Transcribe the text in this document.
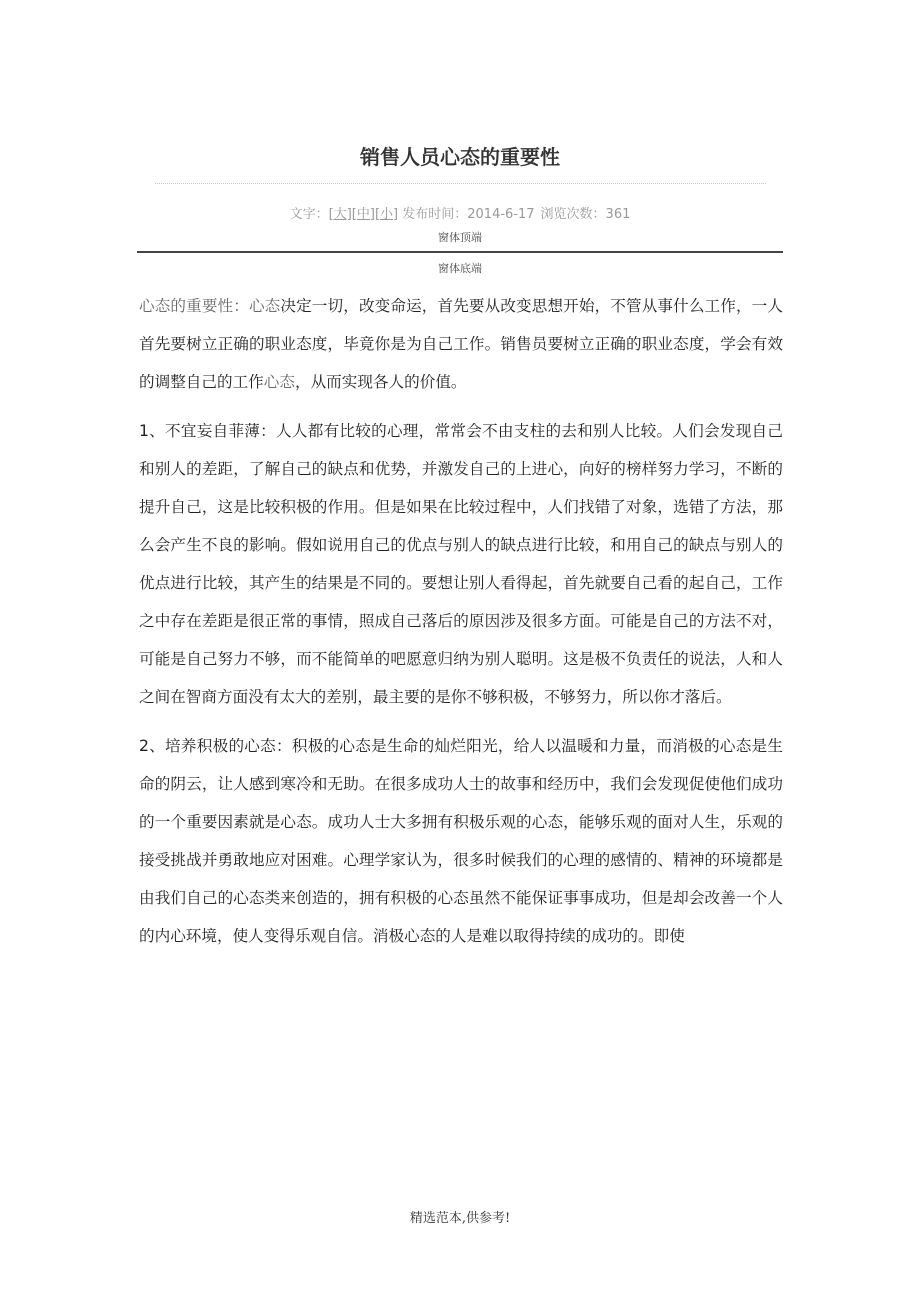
销售人员心态的重要性
文字：[大][中][小] 发布时间：2014-6-17 浏览次数：361
窗体顶端
窗体底端

心态的重要性：心态决定一切，改变命运，首先要从改变思想开始，不管从事什么工作，一人首先要树立正确的职业态度，毕竟你是为自己工作。销售员要树立正确的职业态度，学会有效的调整自己的工作心态，从而实现各人的价值。

1、不宜妄自菲薄：人人都有比较的心理，常常会不由支柱的去和别人比较。人们会发现自己和别人的差距，了解自己的缺点和优势，并激发自己的上进心，向好的榜样努力学习，不断的提升自己，这是比较积极的作用。但是如果在比较过程中，人们找错了对象，选错了方法，那么会产生不良的影响。假如说用自己的优点与别人的缺点进行比较，和用自己的缺点与别人的优点进行比较，其产生的结果是不同的。要想让别人看得起，首先就要自己看的起自己，工作之中存在差距是很正常的事情，照成自己落后的原因涉及很多方面。可能是自己的方法不对，可能是自己努力不够，而不能简单的吧愿意归纳为别人聪明。这是极不负责任的说法，人和人之间在智商方面没有太大的差别，最主要的是你不够积极，不够努力，所以你才落后。

2、培养积极的心态：积极的心态是生命的灿烂阳光，给人以温暖和力量，而消极的心态是生命的阴云，让人感到寒冷和无助。在很多成功人士的故事和经历中，我们会发现促使他们成功的一个重要因素就是心态。成功人士大多拥有积极乐观的心态，能够乐观的面对人生，乐观的接受挑战并勇敢地应对困难。心理学家认为，很多时候我们的心理的感情的、精神的环境都是由我们自己的心态类来创造的，拥有积极的心态虽然不能保证事事成功，但是却会改善一个人的内心环境，使人变得乐观自信。消极心态的人是难以取得持续的成功的。即使

精选范本,供参考!
